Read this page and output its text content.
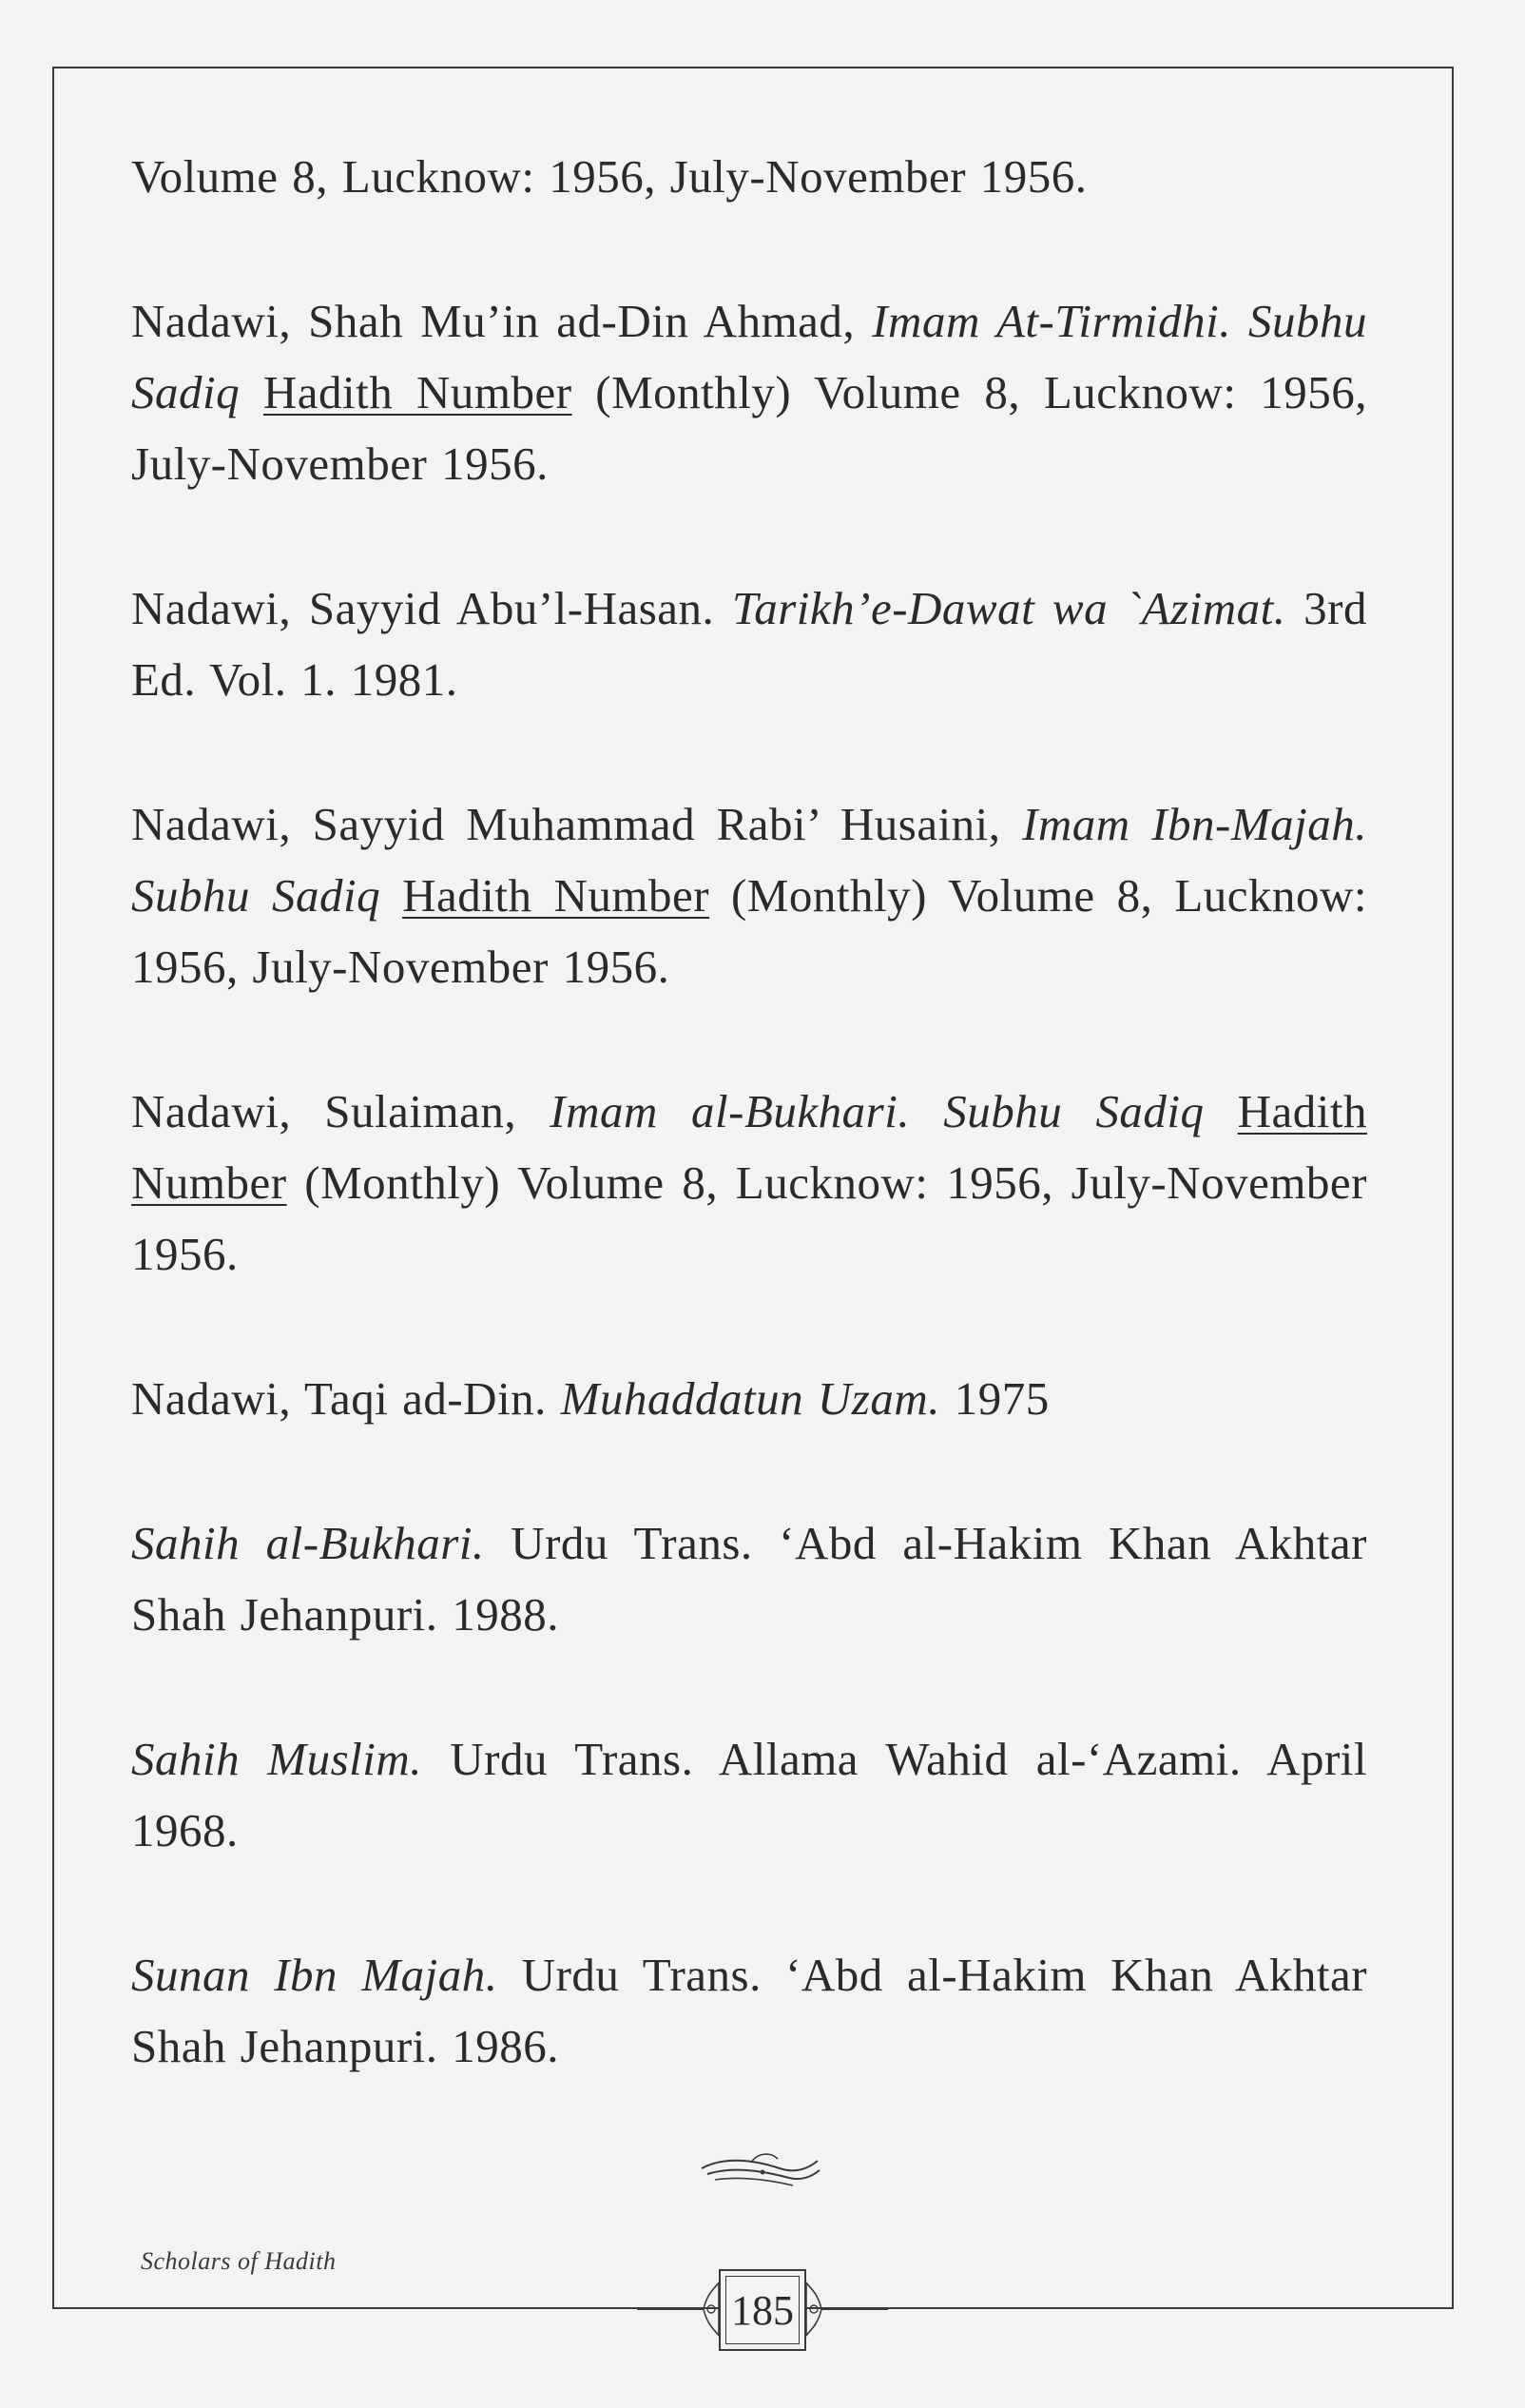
Volume 8, Lucknow: 1956, July-November 1956.

Nadawi, Shah Mu’in ad-Din Ahmad, Imam At-Tirmidhi. Subhu Sadiq Hadith Number (Monthly) Volume 8, Lucknow: 1956, July-November 1956.

Nadawi, Sayyid Abu’l-Hasan. Tarikh’e-Dawat wa `Azimat. 3rd Ed. Vol. 1. 1981.

Nadawi, Sayyid Muhammad Rabi’ Husaini, Imam Ibn-Majah. Subhu Sadiq Hadith Number (Monthly) Volume 8, Lucknow: 1956, July-November 1956.

Nadawi, Sulaiman, Imam al-Bukhari. Subhu Sadiq Hadith Number (Monthly) Volume 8, Lucknow: 1956, July-November 1956.

Nadawi, Taqi ad-Din. Muhaddatun Uzam. 1975

Sahih al-Bukhari. Urdu Trans. ‘Abd al-Hakim Khan Akhtar Shah Jehanpuri. 1988.

Sahih Muslim. Urdu Trans. Allama Wahid al-‘Azami. April 1968.

Sunan Ibn Majah. Urdu Trans. ‘Abd al-Hakim Khan Akhtar Shah Jehanpuri. 1986.

Scholars of Hadith
185
